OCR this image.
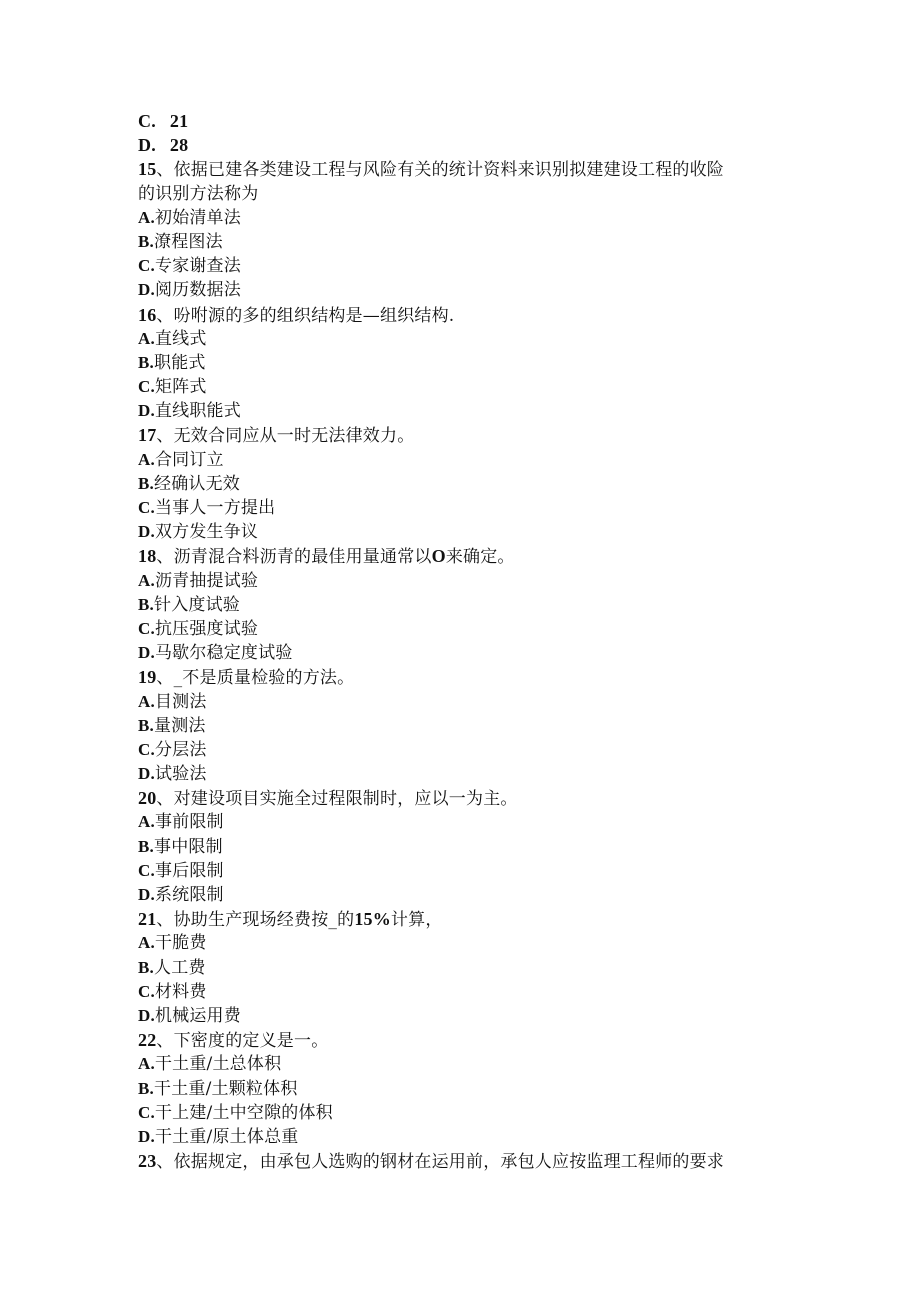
C. 21
D. 28
15、依据已建各类建设工程与风险有关的统计资料来识别拟建建设工程的收险
的识别方法称为
A.初始清单法
B.潦程图法
C.专家谢查法
D.阅历数据法
16、吩咐源的多的组织结构是—组织结构.
A.直线式
B.职能式
C.矩阵式
D.直线职能式
17、无效合同应从一时无法律效力。
A.合同订立
B.经确认无效
C.当事人一方提出
D.双方发生争议
18、沥青混合料沥青的最佳用量通常以O来确定。
A.沥青抽提试验
B.针入度试验
C.抗压强度试验
D.马歇尔稳定度试验
19、_不是质量检验的方法。
A.目测法
B.量测法
C.分层法
D.试验法
20、对建设项目实施全过程限制时，应以一为主。
A.事前限制
B.事中限制
C.事后限制
D.系统限制
21、协助生产现场经费按_的15%计算，
A.干脆费
B.人工费
C.材料费
D.机械运用费
22、下密度的定义是一。
A.干土重/土总体积
B.干土重/土颗粒体积
C.干上建/土中空隙的体积
D.干土重/原土体总重
23、依据规定，由承包人选购的钢材在运用前，承包人应按监理工程师的要求
